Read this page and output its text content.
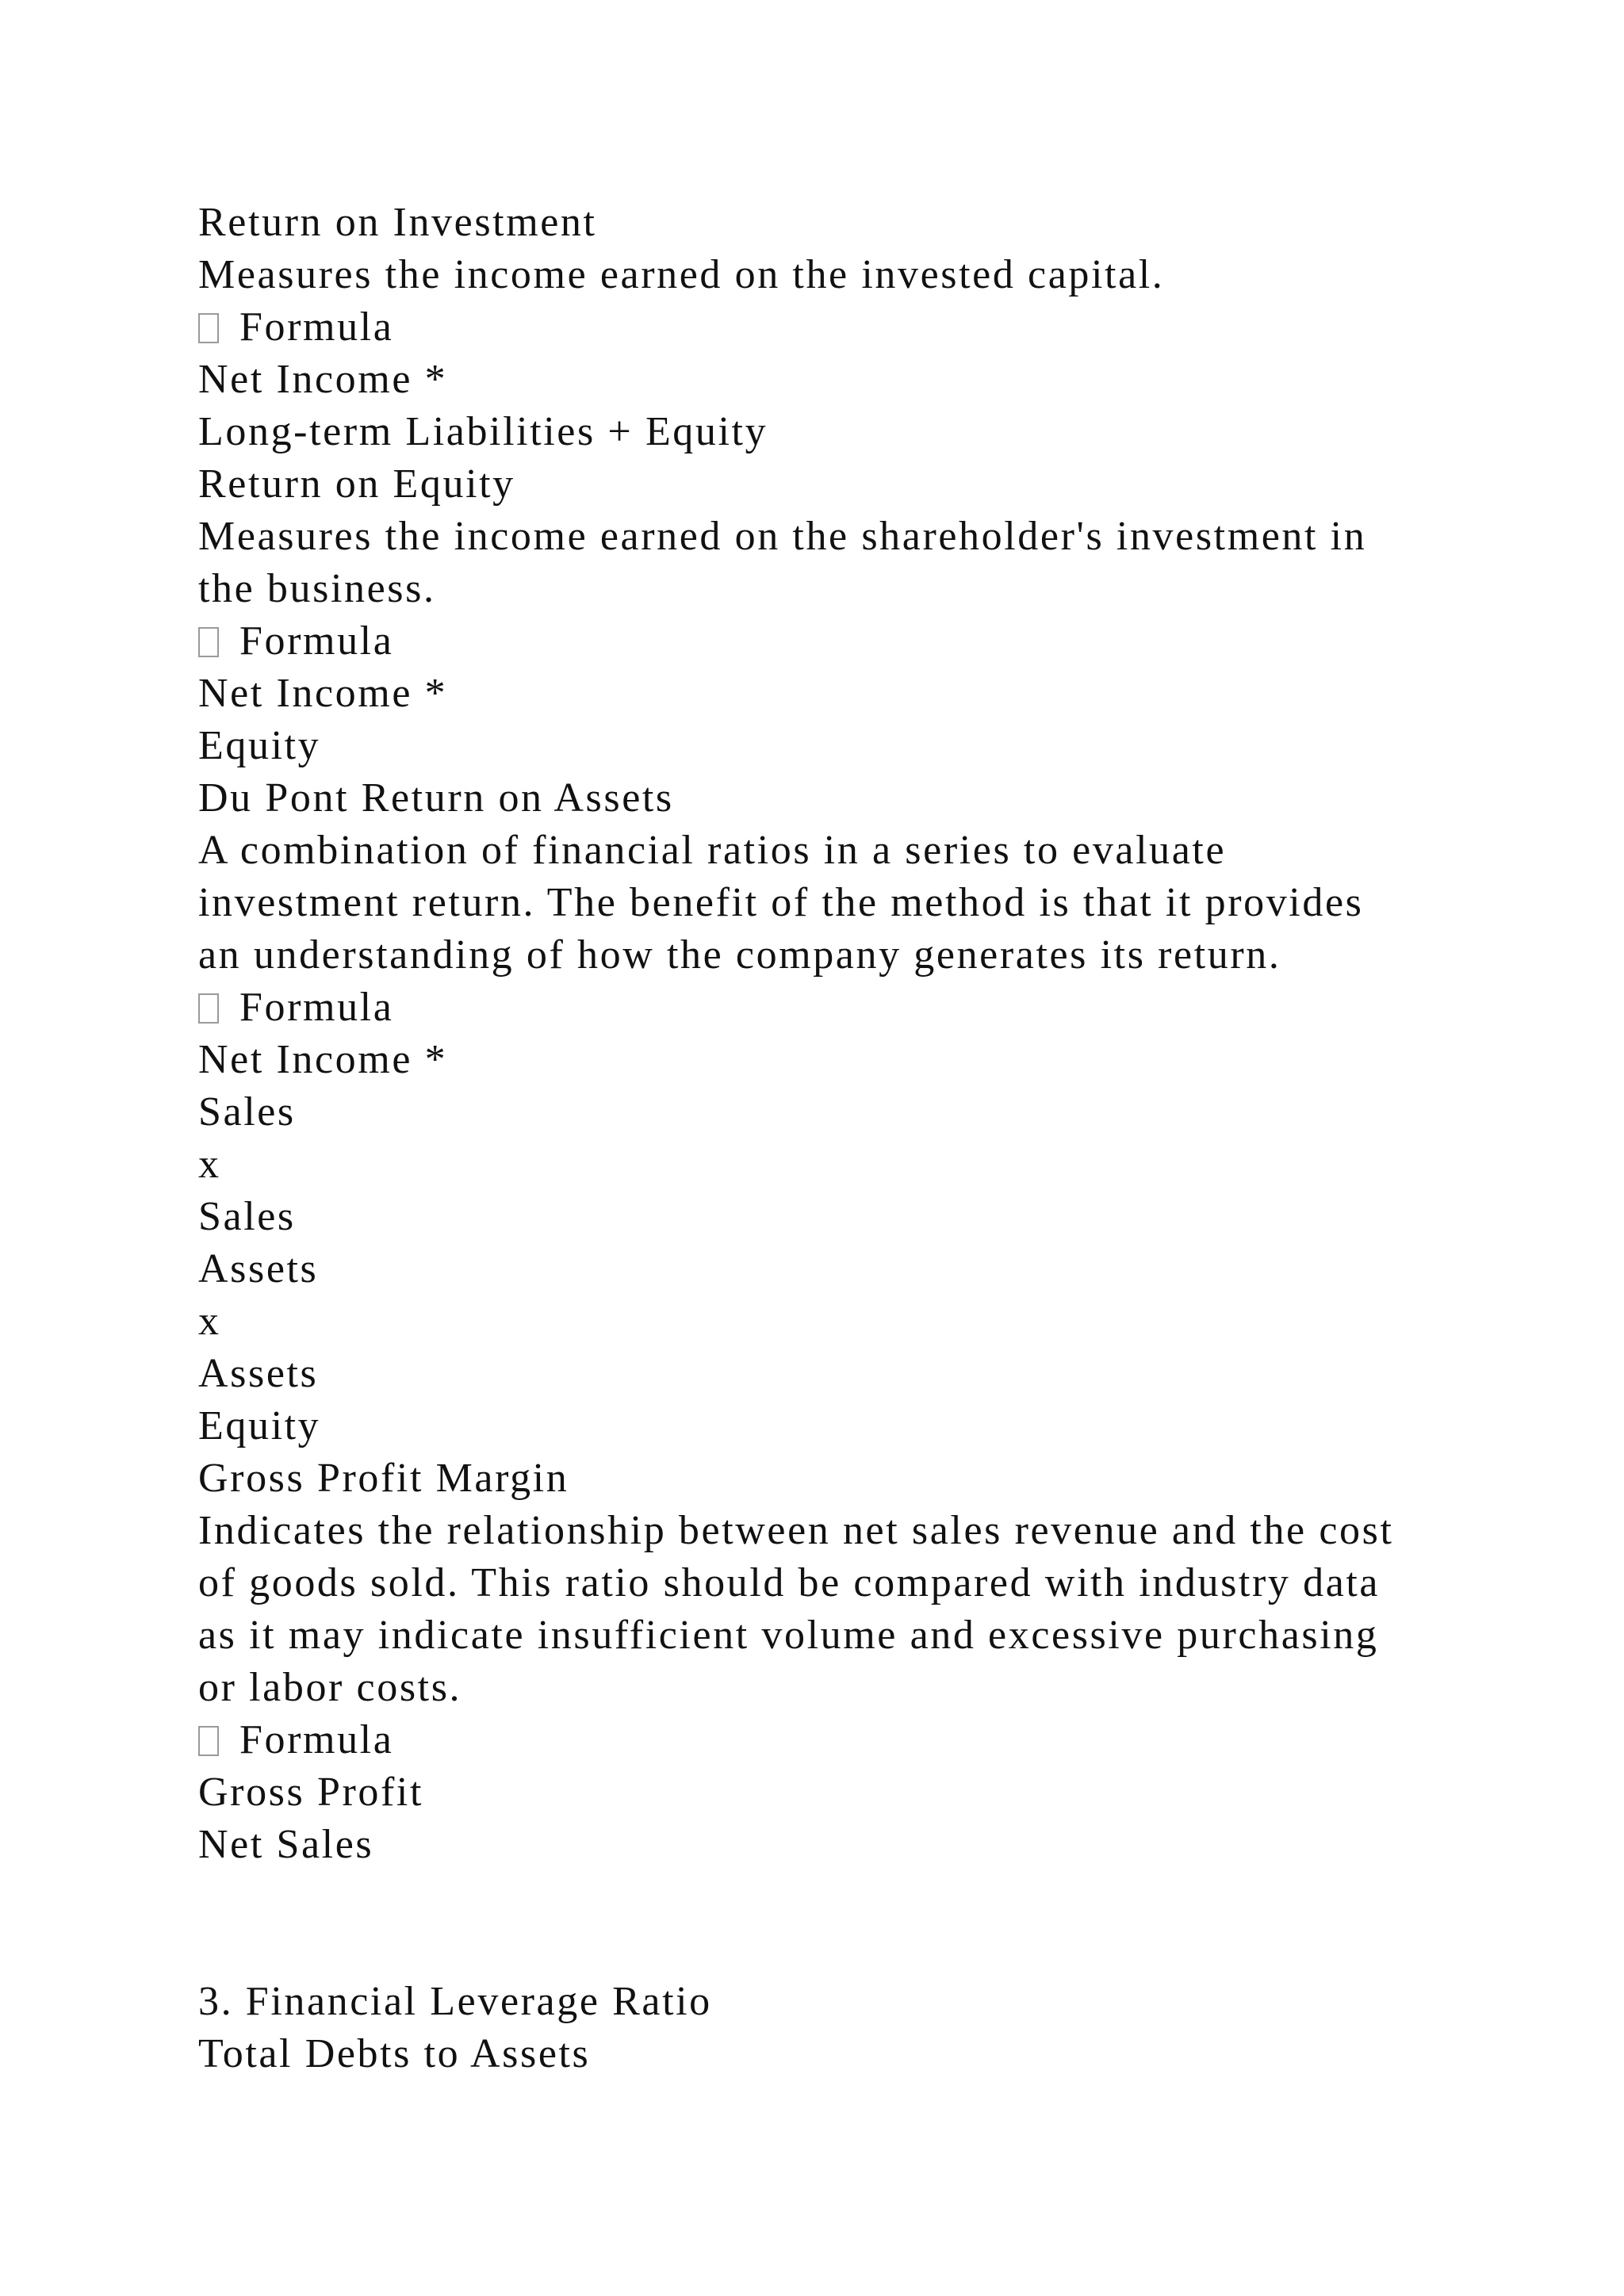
Return on Investment
Measures the income earned on the invested capital.
Formula
Net Income *
Long-term Liabilities + Equity
Return on Equity
Measures the income earned on the shareholder's investment in
the business.
Formula
Net Income *
Equity
Du Pont Return on Assets
A combination of financial ratios in a series to evaluate
investment return. The benefit of the method is that it provides
an understanding of how the company generates its return.
Formula
Net Income *
Sales
x
Sales
Assets
x
Assets
Equity
Gross Profit Margin
Indicates the relationship between net sales revenue and the cost
of goods sold. This ratio should be compared with industry data
as it may indicate insufficient volume and excessive purchasing
or labor costs.
Formula
Gross Profit
Net Sales
3. Financial Leverage Ratio
Total Debts to Assets
